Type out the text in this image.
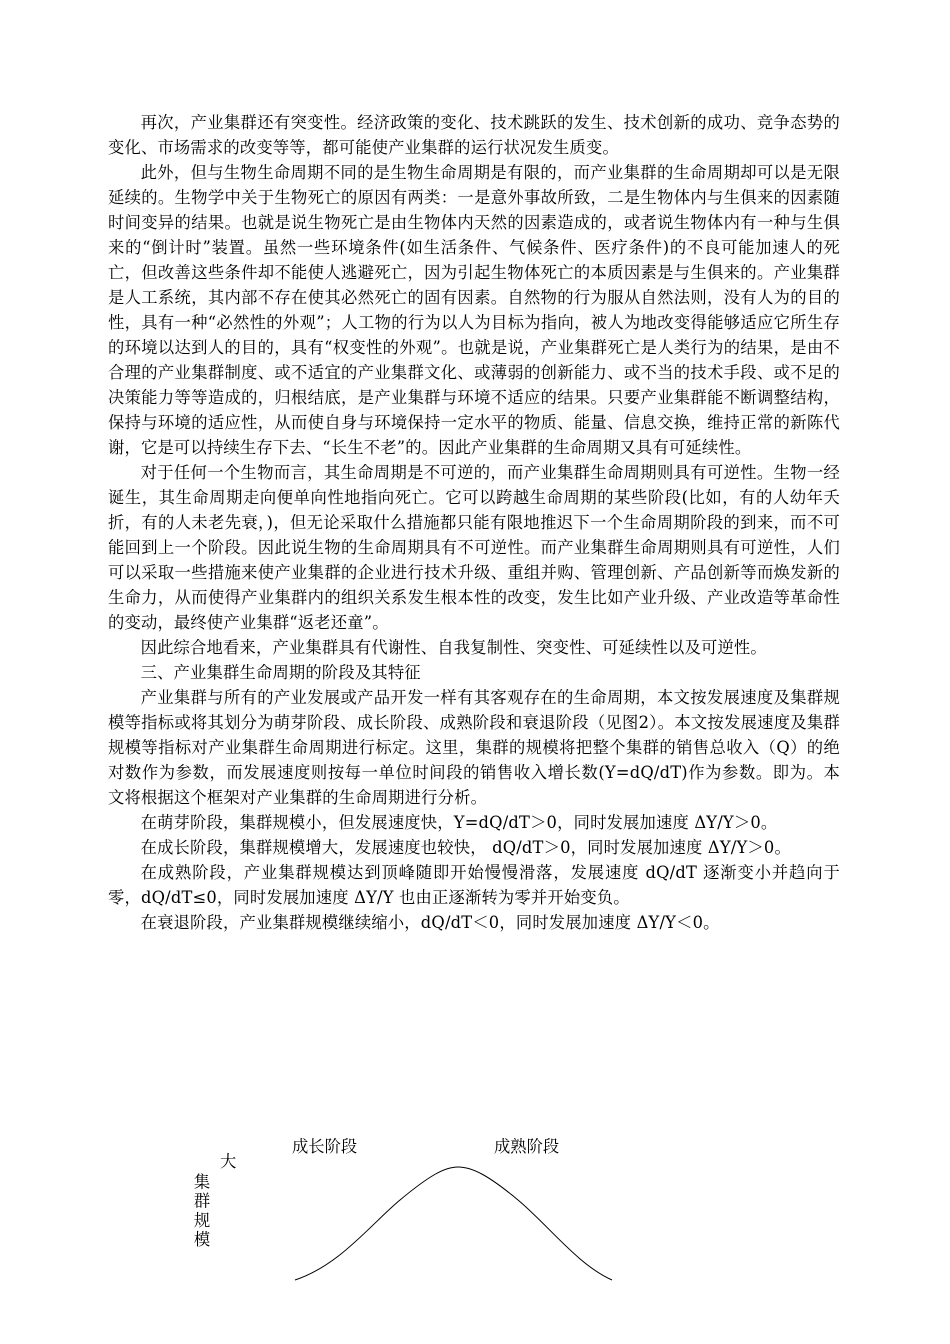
再次，产业集群还有突变性。经济政策的变化、技术跳跃的发生、技术创新的成功、竞争态势的变化、市场需求的改变等等，都可能使产业集群的运行状况发生质变。

此外，但与生物生命周期不同的是生物生命周期是有限的，而产业集群的生命周期却可以是无限延续的。生物学中关于生物死亡的原因有两类：一是意外事故所致，二是生物体内与生俱来的因素随时间变异的结果。也就是说生物死亡是由生物体内天然的因素造成的，或者说生物体内有一种与生俱来的“倒计时”装置。虽然一些环境条件(如生活条件、气候条件、医疗条件)的不良可能加速人的死亡，但改善这些条件却不能使人逃避死亡，因为引起生物体死亡的本质因素是与生俱来的。产业集群是人工系统，其内部不存在使其必然死亡的固有因素。自然物的行为服从自然法则，没有人为的目的性，具有一种“必然性的外观”；人工物的行为以人为目标为指向，被人为地改变得能够适应它所生存的环境以达到人的目的，具有“权变性的外观”。也就是说，产业集群死亡是人类行为的结果，是由不合理的产业集群制度、或不适宜的产业集群文化、或薄弱的创新能力、或不当的技术手段、或不足的决策能力等等造成的，归根结底，是产业集群与环境不适应的结果。只要产业集群能不断调整结构，保持与环境的适应性，从而使自身与环境保持一定水平的物质、能量、信息交换，维持正常的新陈代谢，它是可以持续生存下去、“长生不老”的。因此产业集群的生命周期又具有可延续性。

对于任何一个生物而言，其生命周期是不可逆的，而产业集群生命周期则具有可逆性。生物一经诞生，其生命周期走向便单向性地指向死亡。它可以跨越生命周期的某些阶段(比如，有的人幼年夭折，有的人未老先衰，)，但无论采取什么措施都只能有限地推迟下一个生命周期阶段的到来，而不可能回到上一个阶段。因此说生物的生命周期具有不可逆性。而产业集群生命周期则具有可逆性，人们可以采取一些措施来使产业集群的企业进行技术升级、重组并购、管理创新、产品创新等而焕发新的生命力，从而使得产业集群内的组织关系发生根本性的改变，发生比如产业升级、产业改造等革命性的变动，最终使产业集群“返老还童”。

因此综合地看来，产业集群具有代谢性、自我复制性、突变性、可延续性以及可逆性。

三、产业集群生命周期的阶段及其特征

产业集群与所有的产业发展或产品开发一样有其客观存在的生命周期，本文按发展速度及集群规模等指标或将其划分为萌芽阶段、成长阶段、成熟阶段和衰退阶段（见图2）。本文按发展速度及集群规模等指标对产业集群生命周期进行标定。这里，集群的规模将把整个集群的销售总收入（Q）的绝对数作为参数，而发展速度则按每一单位时间段的销售收入增长数(Y=dQ/dT)作为参数。即为。本文将根据这个框架对产业集群的生命周期进行分析。

在萌芽阶段，集群规模小，但发展速度快，Y=dQ/dT＞0，同时发展加速度 ΔY/Y＞0。

在成长阶段，集群规模增大，发展速度也较快， dQ/dT＞0，同时发展加速度 ΔY/Y＞0。

在成熟阶段，产业集群规模达到顶峰随即开始慢慢滑落，发展速度 dQ/dT 逐渐变小并趋向于零，dQ/dT≤0，同时发展加速度 ΔY/Y 也由正逐渐转为零并开始变负。

在衰退阶段，产业集群规模继续缩小，dQ/dT＜0，同时发展加速度 ΔY/Y＜0。

成长阶段	成熟阶段
大
集群规模
